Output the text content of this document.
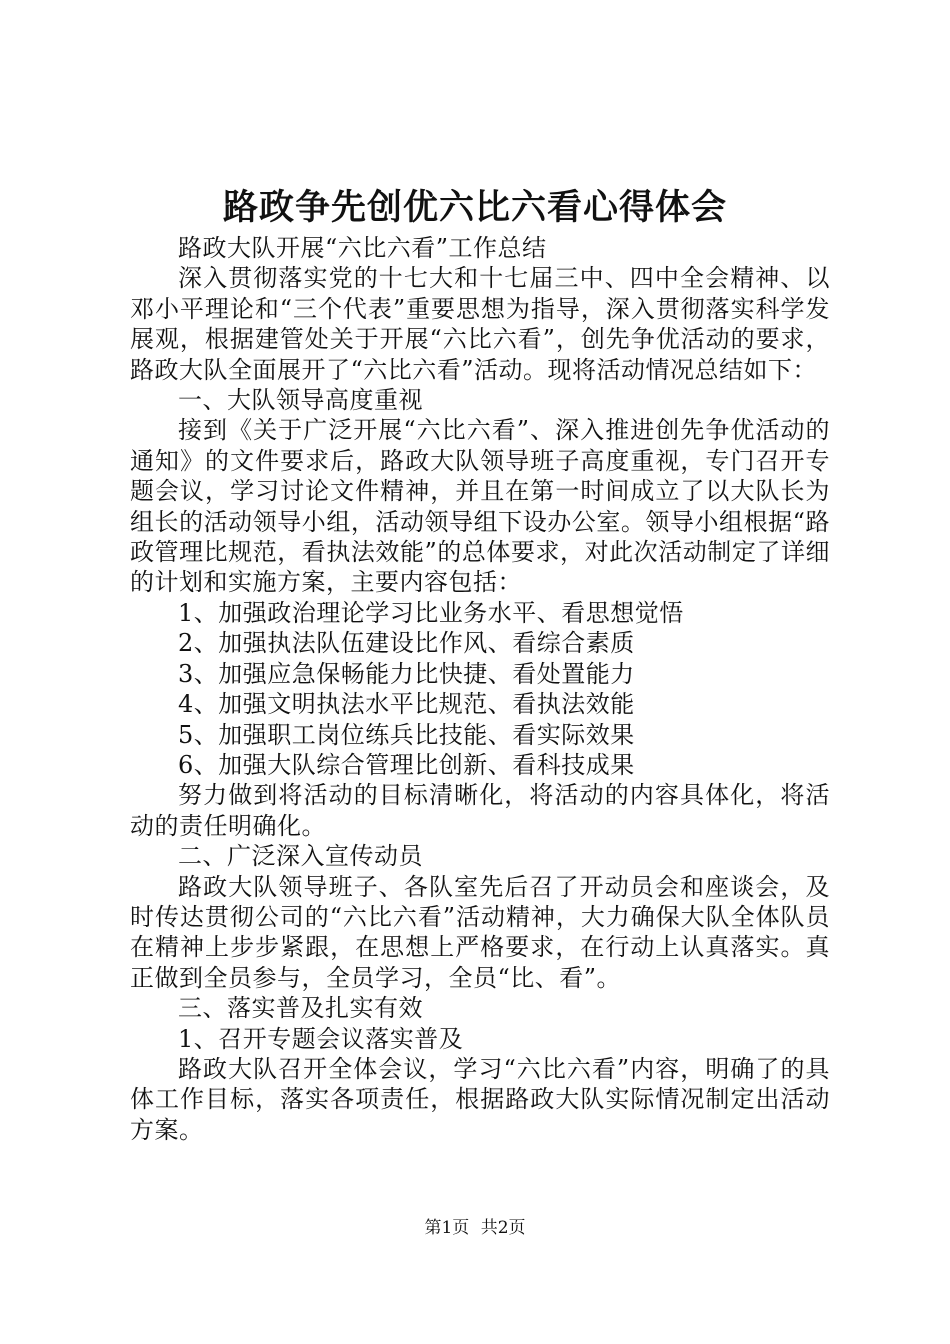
路政争先创优六比六看心得体会

路政大队开展“六比六看”工作总结

深入贯彻落实党的十七大和十七届三中、四中全会精神、以邓小平理论和“三个代表”重要思想为指导，深入贯彻落实科学发展观，根据建管处关于开展“六比六看”，创先争优活动的要求，路政大队全面展开了“六比六看”活动。现将活动情况总结如下：

一、大队领导高度重视

接到《关于广泛开展“六比六看”、深入推进创先争优活动的通知》的文件要求后，路政大队领导班子高度重视，专门召开专题会议，学习讨论文件精神，并且在第一时间成立了以大队长为组长的活动领导小组，活动领导组下设办公室。领导小组根据“路政管理比规范，看执法效能”的总体要求，对此次活动制定了详细的计划和实施方案，主要内容包括：

1、加强政治理论学习比业务水平、看思想觉悟

2、加强执法队伍建设比作风、看综合素质

3、加强应急保畅能力比快捷、看处置能力

4、加强文明执法水平比规范、看执法效能

5、加强职工岗位练兵比技能、看实际效果

6、加强大队综合管理比创新、看科技成果

努力做到将活动的目标清晰化，将活动的内容具体化，将活动的责任明确化。

二、广泛深入宣传动员

路政大队领导班子、各队室先后召了开动员会和座谈会，及时传达贯彻公司的“六比六看”活动精神，大力确保大队全体队员在精神上步步紧跟，在思想上严格要求，在行动上认真落实。真正做到全员参与，全员学习，全员“比、看”。

三、落实普及扎实有效

1、召开专题会议落实普及

路政大队召开全体会议，学习“六比六看”内容，明确了的具体工作目标，落实各项责任，根据路政大队实际情况制定出活动方案。

第1页 共2页
